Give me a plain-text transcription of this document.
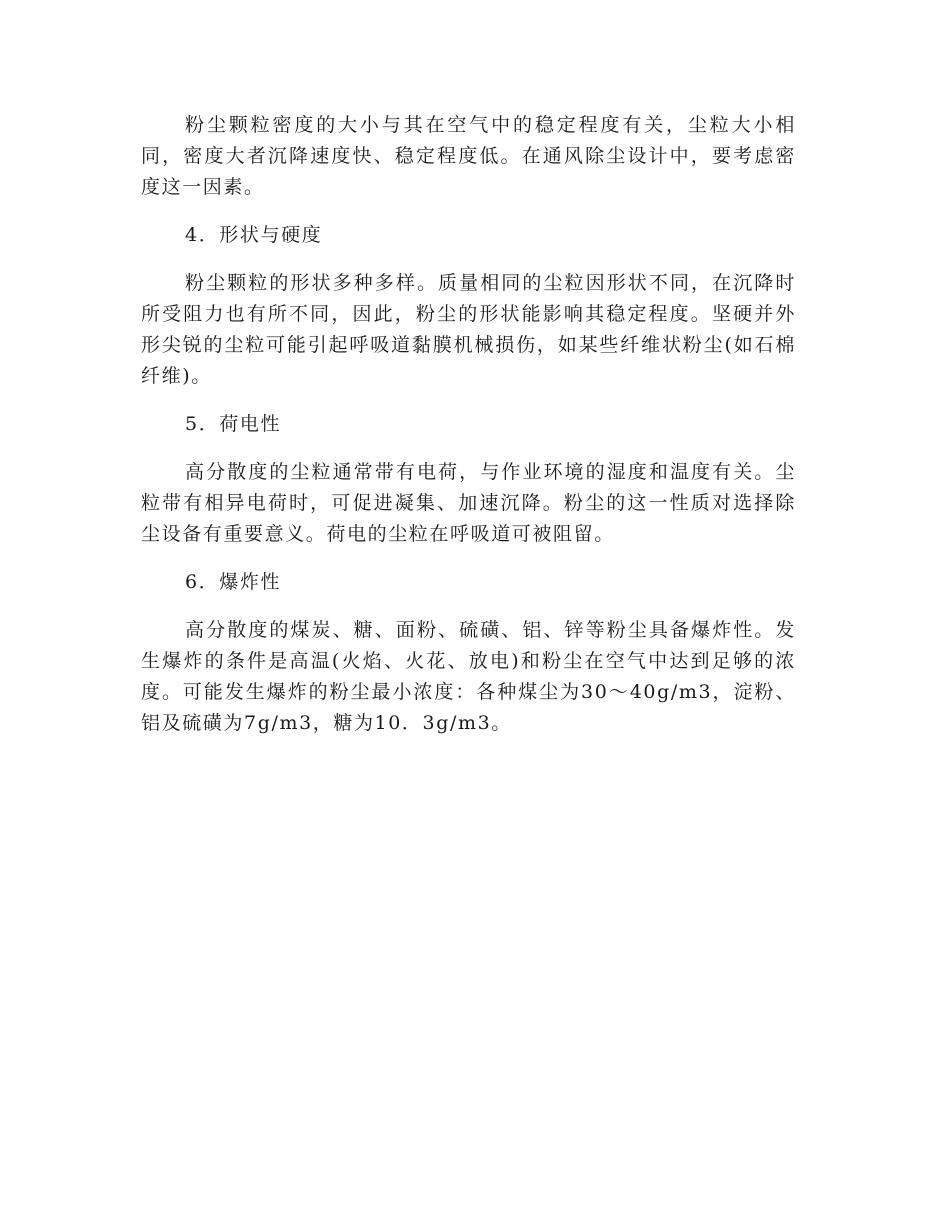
粉尘颗粒密度的大小与其在空气中的稳定程度有关，尘粒大小相同，密度大者沉降速度快、稳定程度低。在通风除尘设计中，要考虑密度这一因素。

4．形状与硬度

粉尘颗粒的形状多种多样。质量相同的尘粒因形状不同，在沉降时所受阻力也有所不同，因此，粉尘的形状能影响其稳定程度。坚硬并外形尖锐的尘粒可能引起呼吸道黏膜机械损伤，如某些纤维状粉尘(如石棉纤维)。

5．荷电性

高分散度的尘粒通常带有电荷，与作业环境的湿度和温度有关。尘粒带有相异电荷时，可促进凝集、加速沉降。粉尘的这一性质对选择除尘设备有重要意义。荷电的尘粒在呼吸道可被阻留。

6．爆炸性

高分散度的煤炭、糖、面粉、硫磺、铝、锌等粉尘具备爆炸性。发生爆炸的条件是高温(火焰、火花、放电)和粉尘在空气中达到足够的浓度。可能发生爆炸的粉尘最小浓度：各种煤尘为30～40g/m3，淀粉、铝及硫磺为7g/m3，糖为10．3g/m3。
